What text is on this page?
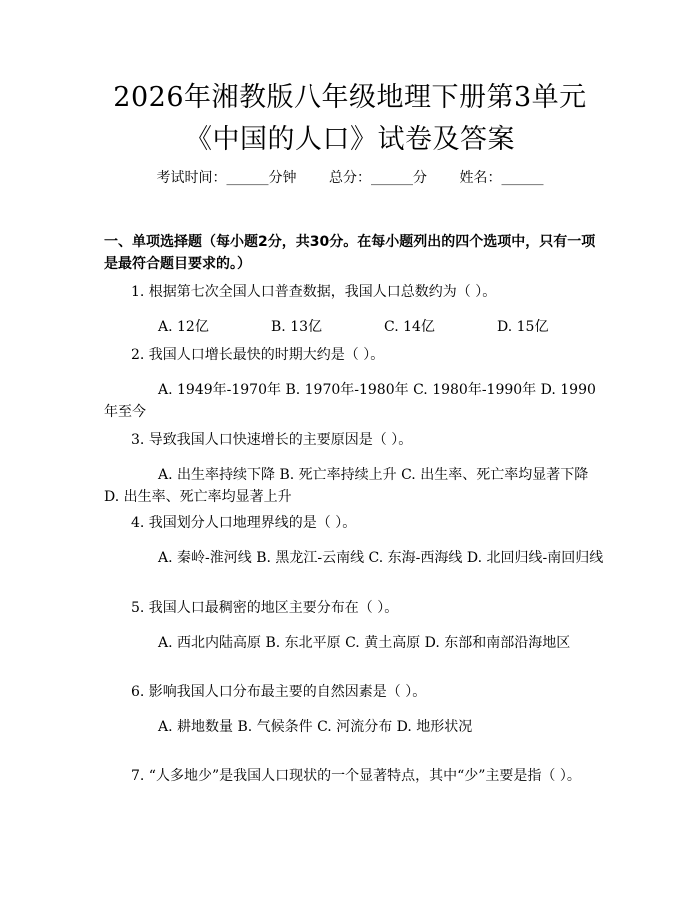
2026年湘教版八年级地理下册第3单元《中国的人口》试卷及答案
考试时间：______分钟 总分：______分 姓名：______
一、单项选择题（每小题2分，共30分。在每小题列出的四个选项中，只有一项是最符合题目要求的。）
1. 根据第七次全国人口普查数据，我国人口总数约为（ ）。
A. 12亿	B. 13亿	C. 14亿	D. 15亿
2. 我国人口增长最快的时期大约是（ ）。
A. 1949年-1970年 B. 1970年-1980年 C. 1980年-1990年 D. 1990年至今
3. 导致我国人口快速增长的主要原因是（ ）。
A. 出生率持续下降 B. 死亡率持续上升 C. 出生率、死亡率均显著下降 D. 出生率、死亡率均显著上升
4. 我国划分人口地理界线的是（ ）。
A. 秦岭-淮河线 B. 黑龙江-云南线 C. 东海-西海线 D. 北回归线-南回归线
5. 我国人口最稠密的地区主要分布在（ ）。
A. 西北内陆高原 B. 东北平原 C. 黄土高原 D. 东部和南部沿海地区
6. 影响我国人口分布最主要的自然因素是（ ）。
A. 耕地数量 B. 气候条件 C. 河流分布 D. 地形状况
7. “人多地少”是我国人口现状的一个显著特点，其中“少”主要是指（ ）。
